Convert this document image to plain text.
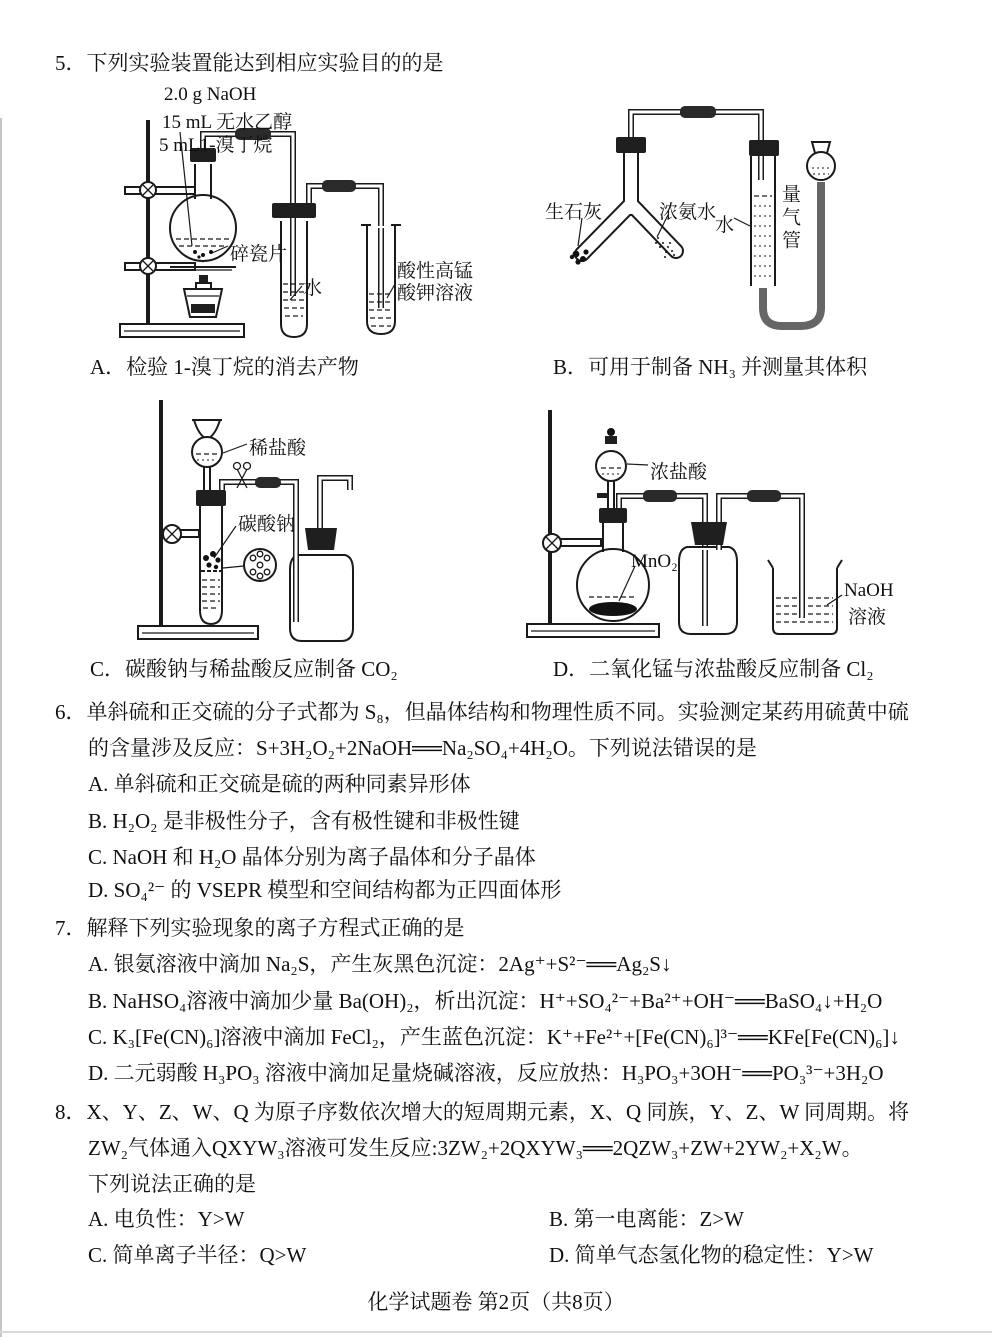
5．下列实验装置能达到相应实验目的的是
2.0 g NaOH
15 mL 无水乙醇
5 mL1-溴丁烷
碎瓷片
水
酸性高锰
酸钾溶液
A．检验 1-溴丁烷的消去产物
生石灰	浓氨水
水 量气管
B．可用于制备 NH₃ 并测量其体积
稀盐酸
碳酸钠
C．碳酸钠与稀盐酸反应制备 CO₂
浓盐酸
MnO₂
NaOH
溶液
D．二氧化锰与浓盐酸反应制备 Cl₂
6．单斜硫和正交硫的分子式都为 S₈，但晶体结构和物理性质不同。实验测定某药用硫黄中硫
的含量涉及反应：S+3H₂O₂+2NaOH══Na₂SO₄+4H₂O。下列说法错误的是
A. 单斜硫和正交硫是硫的两种同素异形体
B. H₂O₂ 是非极性分子，含有极性键和非极性键
C. NaOH 和 H₂O 晶体分别为离子晶体和分子晶体
D. SO₄²⁻ 的 VSEPR 模型和空间结构都为正四面体形
7．解释下列实验现象的离子方程式正确的是
A. 银氨溶液中滴加 Na₂S，产生灰黑色沉淀：2Ag⁺+S²⁻══Ag₂S↓
B. NaHSO₄溶液中滴加少量 Ba(OH)₂，析出沉淀：H⁺+SO₄²⁻+Ba²⁺+OH⁻══BaSO₄↓+H₂O
C. K₃[Fe(CN)₆]溶液中滴加 FeCl₂，产生蓝色沉淀：K⁺+Fe²⁺+[Fe(CN)₆]³⁻══KFe[Fe(CN)₆]↓
D. 二元弱酸 H₃PO₃ 溶液中滴加足量烧碱溶液，反应放热：H₃PO₃+3OH⁻══PO₃³⁻+3H₂O
8．X、Y、Z、W、Q 为原子序数依次增大的短周期元素，X、Q 同族，Y、Z、W 同周期。将
ZW₂气体通入QXYW₃溶液可发生反应:3ZW₂+2QXYW₃══2QZW₃+ZW+2YW₂+X₂W。
下列说法正确的是
A. 电负性：Y>W	B. 第一电离能：Z>W
C. 简单离子半径：Q>W	D. 简单气态氢化物的稳定性：Y>W
化学试题卷 第2页（共8页）
